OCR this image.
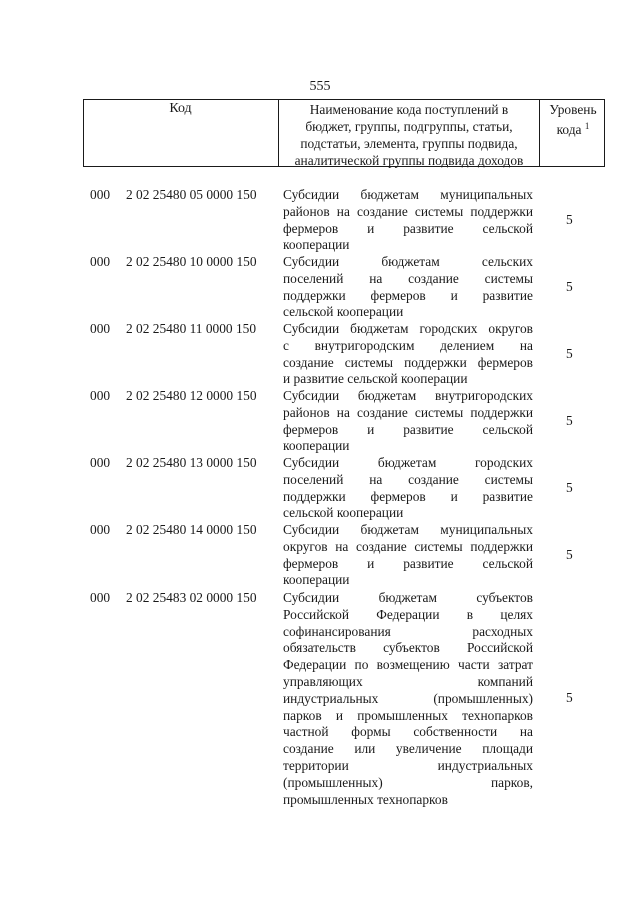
555
Код	Наименование кода поступлений в
бюджет, группы, подгруппы, статьи,
подстатьи, элемента, группы подвида,
аналитической группы подвида доходов
Уровень
кода $^1$
000 2 02 25480 05 0000 150 Субсидии бюджетам муниципальных
районов на создание системы поддержки
фермеров и развитие сельской
кооперации
5
000 2 02 25480 10 0000 150 Субсидии бюджетам сельских
поселений на создание системы
поддержки фермеров и развитие
сельской кооперации
5
000 2 02 25480 11 0000 150 Субсидии бюджетам городских округов
с внутригородским делением на
создание системы поддержки фермеров
и развитие сельской кооперации
5
000 2 02 25480 12 0000 150 Субсидии бюджетам внутригородских
районов на создание системы поддержки
фермеров и развитие сельской
кооперации
5
000 2 02 25480 13 0000 150 Субсидии бюджетам городских
поселений на создание системы
поддержки фермеров и развитие
сельской кооперации
5
000 2 02 25480 14 0000 150 Субсидии бюджетам муниципальных
округов на создание системы поддержки
фермеров и развитие сельской
кооперации
5
000 2 02 25483 02 0000 150 Субсидии бюджетам субъектов
Российской Федерации в целях
софинансирования расходных
обязательств субъектов Российской
Федерации по возмещению части затрат
управляющих компаний
индустриальных (промышленных)
парков и промышленных технопарков
частной формы собственности на
создание или увеличение площади
территории индустриальных
(промышленных) парков,
промышленных технопарков
5
